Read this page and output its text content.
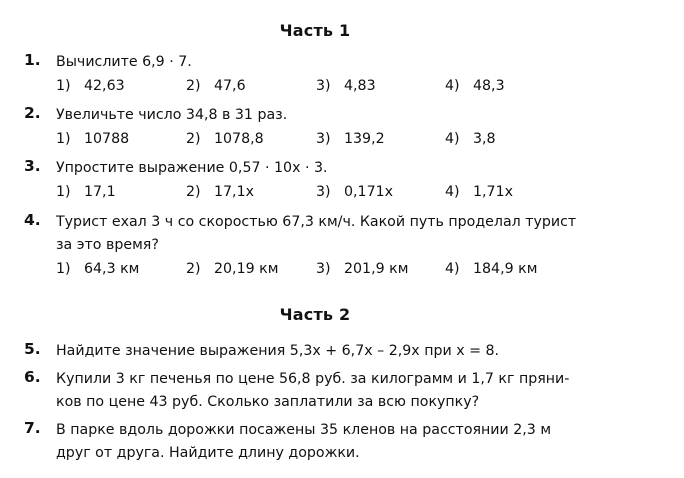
Часть 1
1. Вычислите 6,9 · 7.
1) 42,63	2) 47,6	3) 4,83	4) 48,3
2. Увеличьте число 34,8 в 31 раз.
1) 10788	2) 1078,8	3) 139,2	4) 3,8
3. Упростите выражение 0,57 · 10x · 3.
1) 17,1	2) 17,1x	3) 0,171x	4) 1,71x
4. Турист ехал 3 ч со скоростью 67,3 км/ч. Какой путь проделал турист
за это время?
1) 64,3 км	2) 20,19 км	3) 201,9 км	4) 184,9 км
Часть 2
5. Найдите значение выражения 5,3x + 6,7x – 2,9x при x = 8.
6. Купили 3 кг печенья по цене 56,8 руб. за килограмм и 1,7 кг пряни-
ков по цене 43 руб. Сколько заплатили за всю покупку?
7. В парке вдоль дорожки посажены 35 кленов на расстоянии 2,3 м
друг от друга. Найдите длину дорожки.
